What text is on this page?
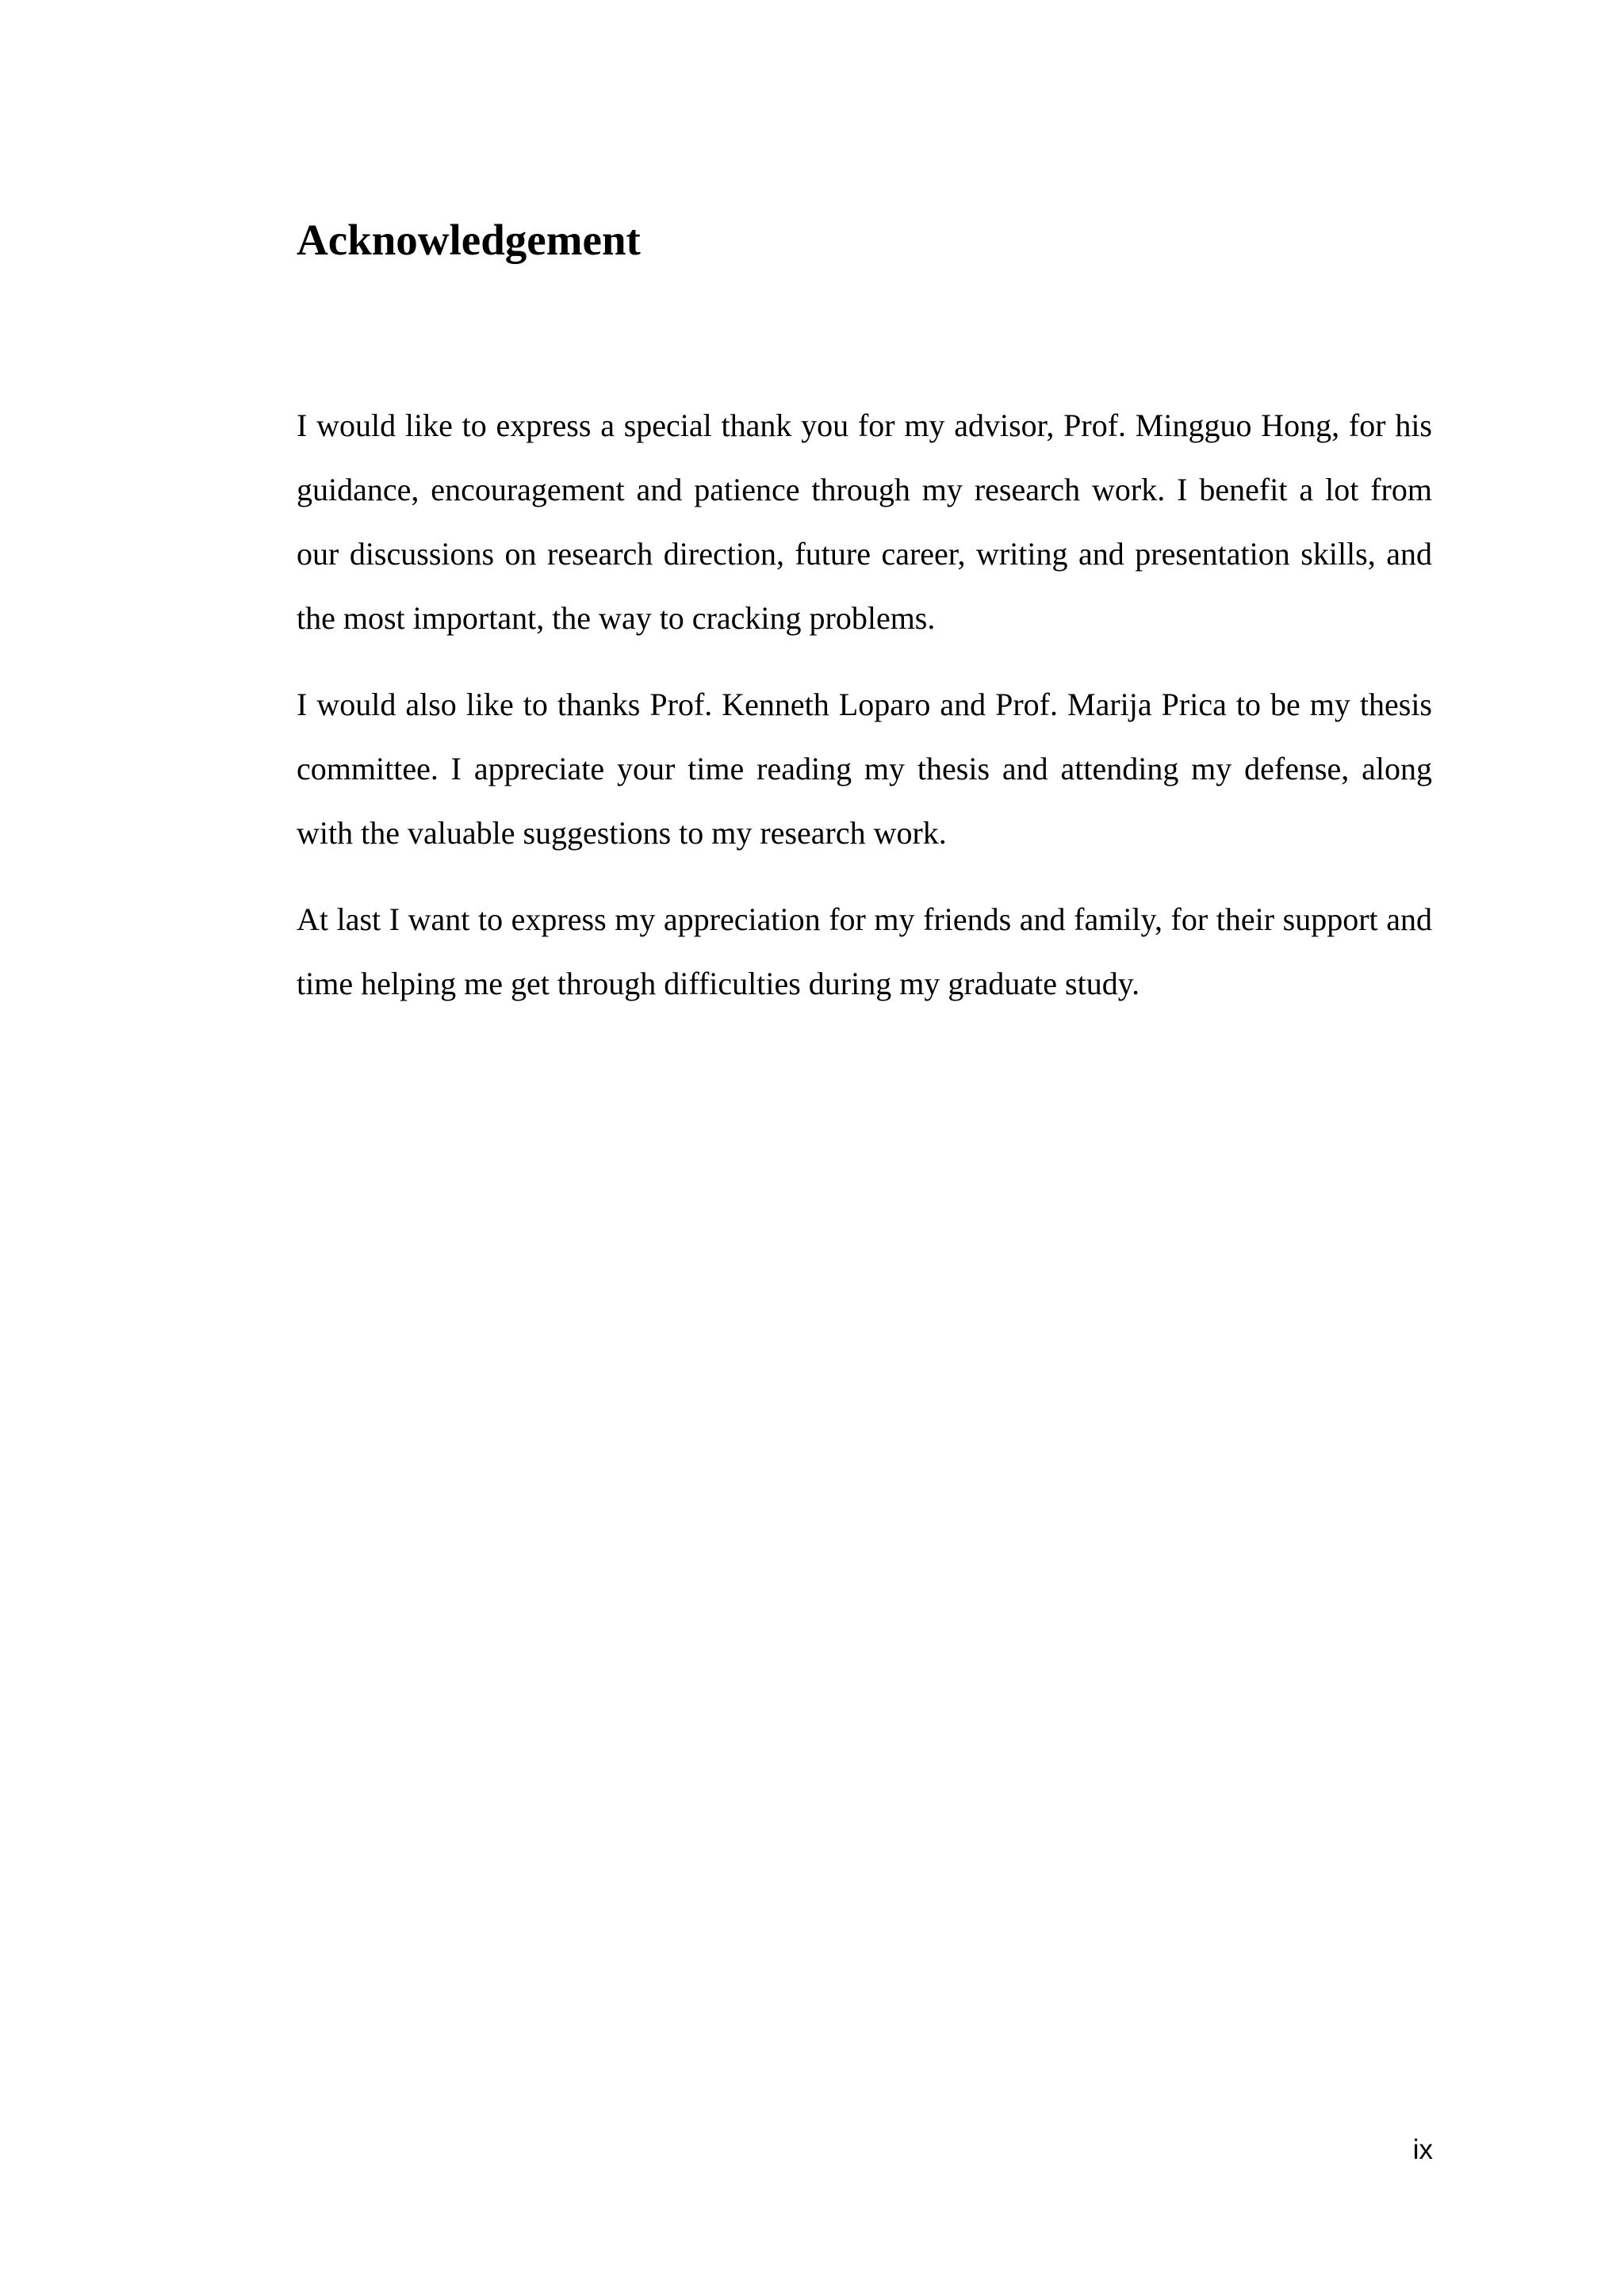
Acknowledgement

I would like to express a special thank you for my advisor, Prof. Mingguo Hong, for his guidance, encouragement and patience through my research work. I benefit a lot from our discussions on research direction, future career, writing and presentation skills, and the most important, the way to cracking problems.

I would also like to thanks Prof. Kenneth Loparo and Prof. Marija Prica to be my thesis committee. I appreciate your time reading my thesis and attending my defense, along with the valuable suggestions to my research work.

At last I want to express my appreciation for my friends and family, for their support and time helping me get through difficulties during my graduate study.

ix
